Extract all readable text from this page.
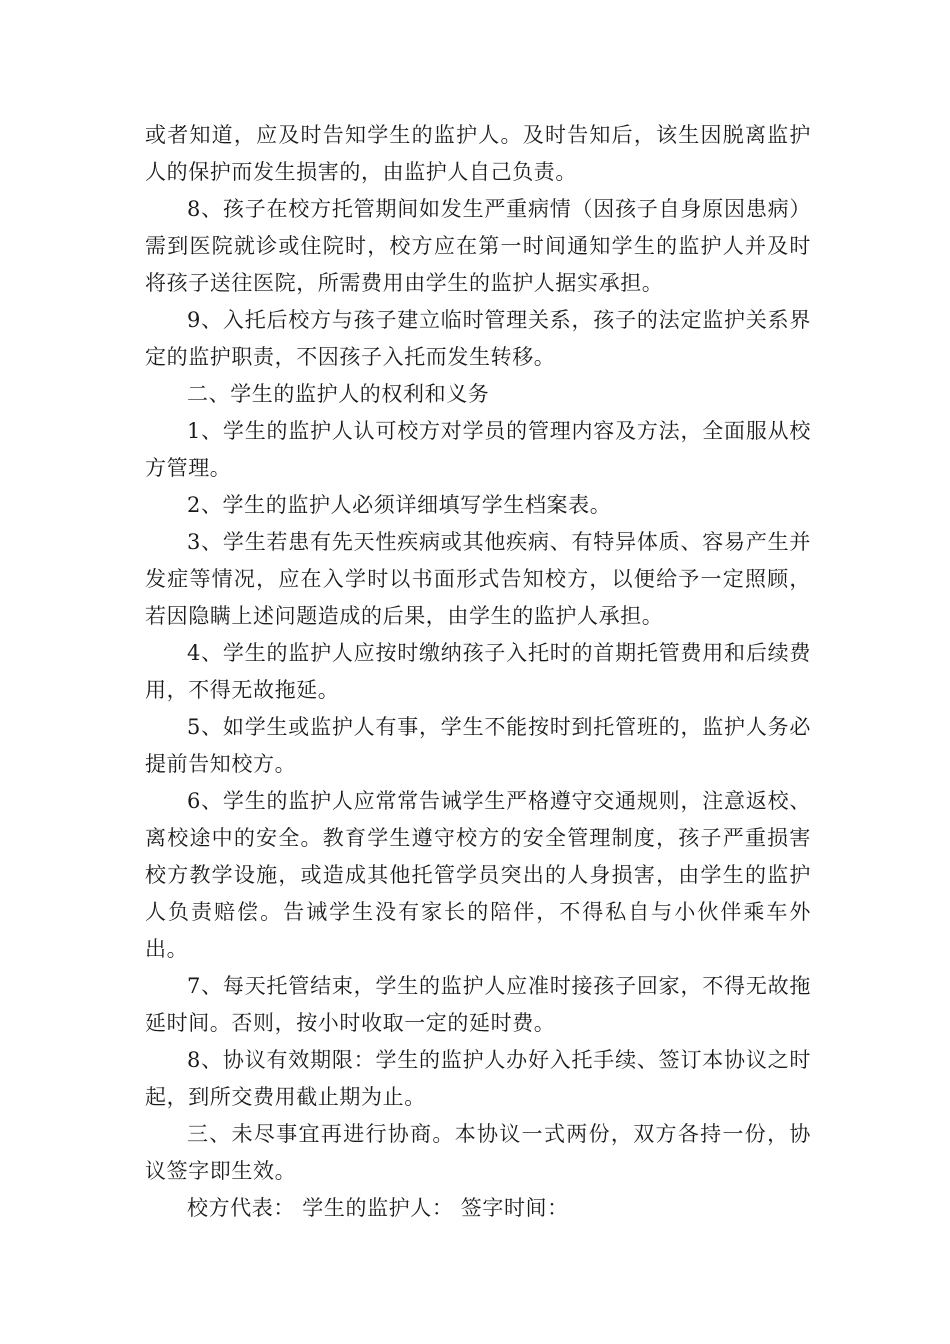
或者知道，应及时告知学生的监护人。及时告知后，该生因脱离监护人的保护而发生损害的，由监护人自己负责。

8、孩子在校方托管期间如发生严重病情（因孩子自身原因患病）需到医院就诊或住院时，校方应在第一时间通知学生的监护人并及时将孩子送往医院，所需费用由学生的监护人据实承担。

9、入托后校方与孩子建立临时管理关系，孩子的法定监护关系界定的监护职责，不因孩子入托而发生转移。

二、学生的监护人的权利和义务

1、学生的监护人认可校方对学员的管理内容及方法，全面服从校方管理。

2、学生的监护人必须详细填写学生档案表。

3、学生若患有先天性疾病或其他疾病、有特异体质、容易产生并发症等情况，应在入学时以书面形式告知校方，以便给予一定照顾，若因隐瞒上述问题造成的后果，由学生的监护人承担。

4、学生的监护人应按时缴纳孩子入托时的首期托管费用和后续费用，不得无故拖延。

5、如学生或监护人有事，学生不能按时到托管班的，监护人务必提前告知校方。

6、学生的监护人应常常告诫学生严格遵守交通规则，注意返校、离校途中的安全。教育学生遵守校方的安全管理制度，孩子严重损害校方教学设施，或造成其他托管学员突出的人身损害，由学生的监护人负责赔偿。告诫学生没有家长的陪伴，不得私自与小伙伴乘车外出。

7、每天托管结束，学生的监护人应准时接孩子回家，不得无故拖延时间。否则，按小时收取一定的延时费。

8、协议有效期限：学生的监护人办好入托手续、签订本协议之时起，到所交费用截止期为止。

三、未尽事宜再进行协商。本协议一式两份，双方各持一份，协议签字即生效。

校方代表： 学生的监护人： 签字时间：
